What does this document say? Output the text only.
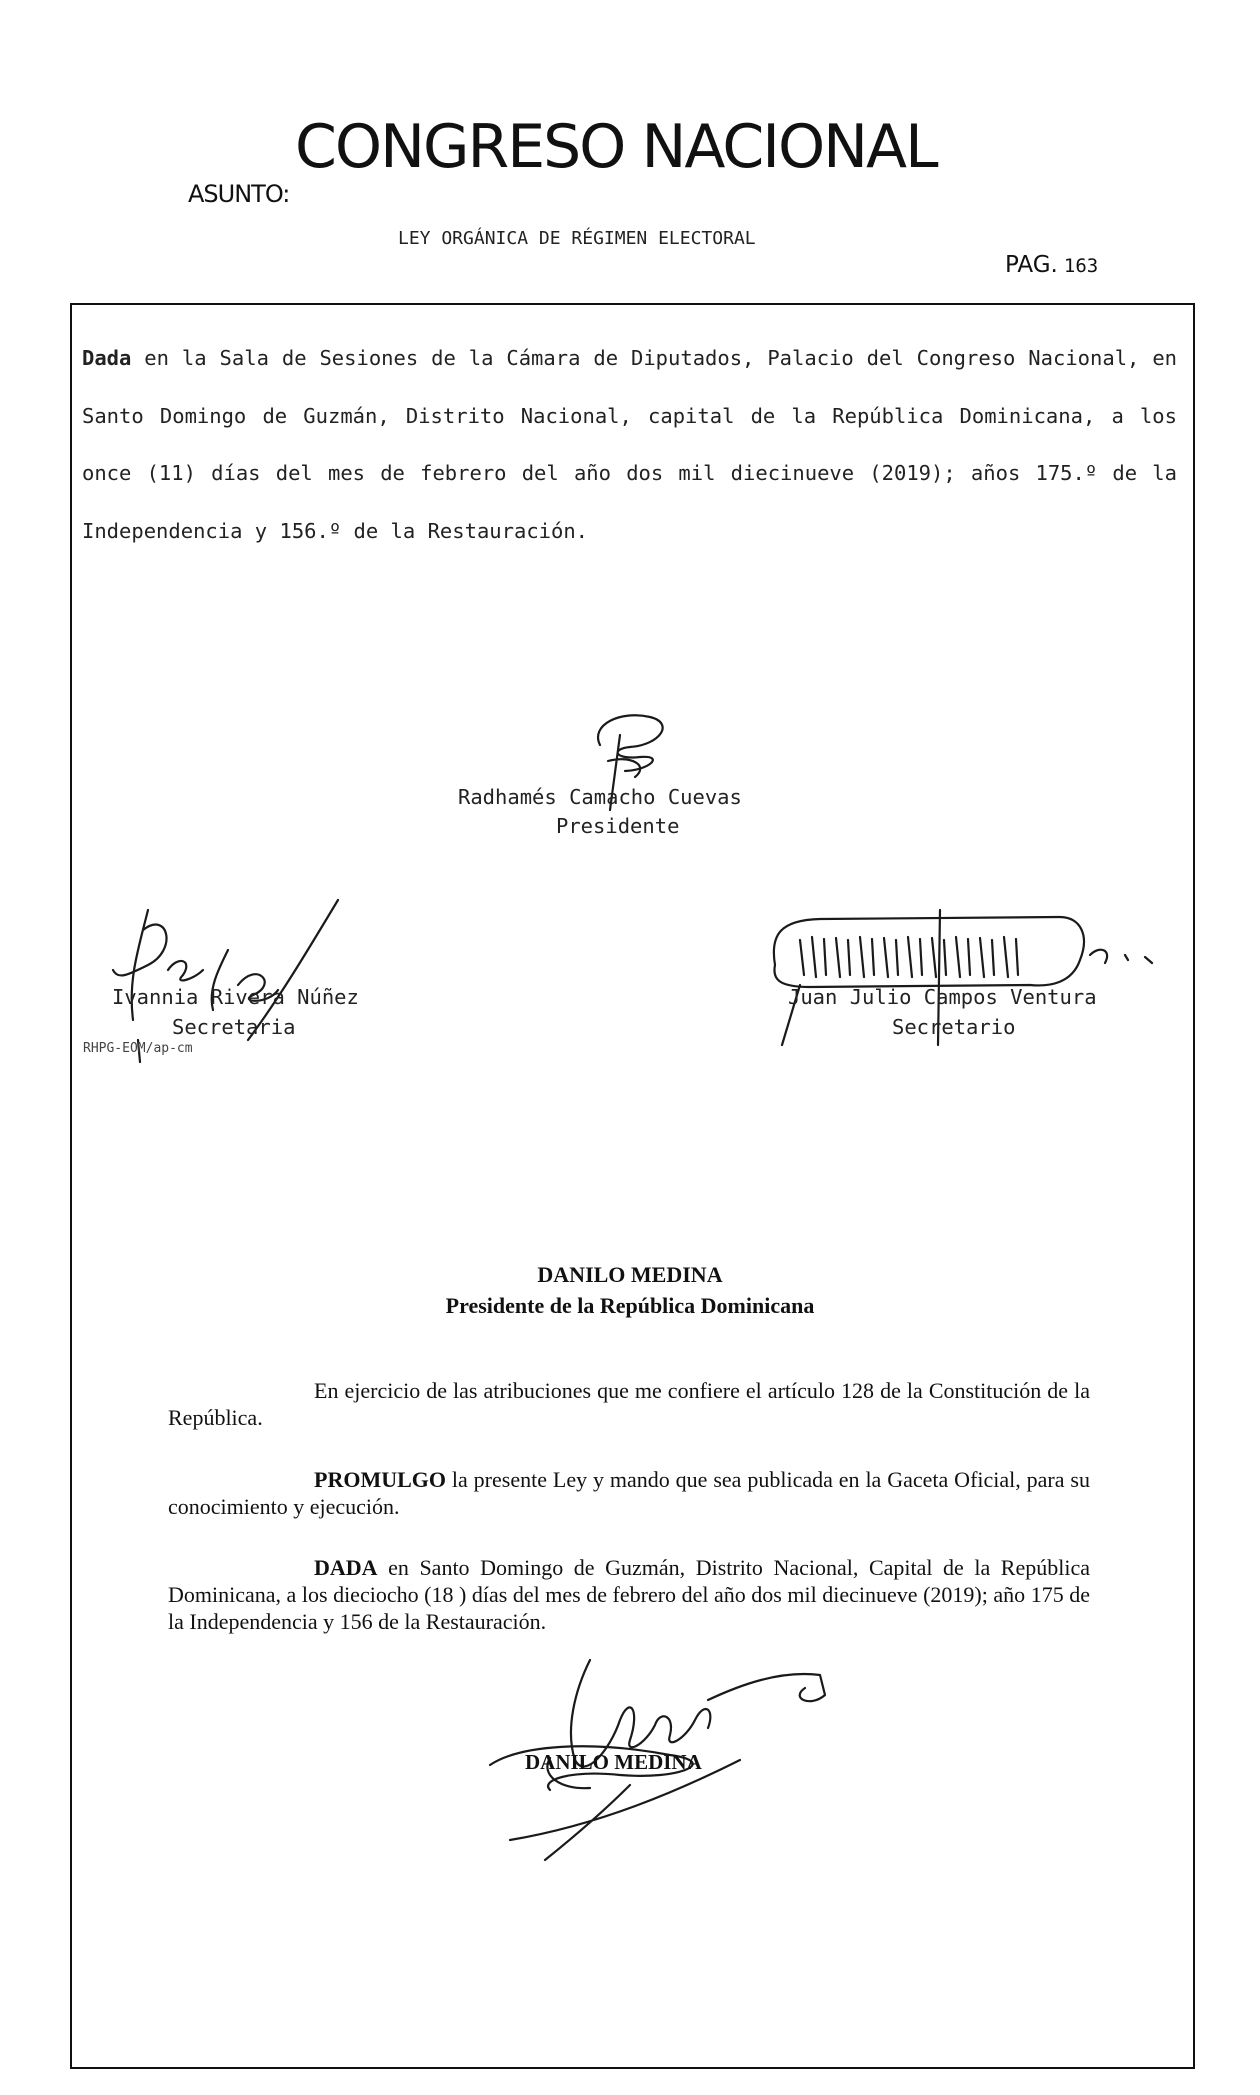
CONGRESO NACIONAL
ASUNTO:
LEY ORGÁNICA DE RÉGIMEN ELECTORAL
PAG. 163
Dada en la Sala de Sesiones de la Cámara de Diputados, Palacio del Congreso Nacional, en Santo Domingo de Guzmán, Distrito Nacional, capital de la República Dominicana, a los once (11) días del mes de febrero del año dos mil diecinueve (2019); años 175.º de la Independencia y 156.º de la Restauración.
Radhamés Camacho Cuevas
Presidente
Ivannia Rivera Núñez
Secretaria
RHPG-EOM/ap-cm
Juan Julio Campos Ventura
Secretario
DANILO MEDINA
Presidente de la República Dominicana
En ejercicio de las atribuciones que me confiere el artículo 128 de la Constitución de la República.
PROMULGO la presente Ley y mando que sea publicada en la Gaceta Oficial, para su conocimiento y ejecución.
DADA en Santo Domingo de Guzmán, Distrito Nacional, Capital de la República Dominicana, a los dieciocho (18 ) días del mes de febrero del año dos mil diecinueve (2019); año 175 de la Independencia y 156 de la Restauración.
DANILO MEDINA
